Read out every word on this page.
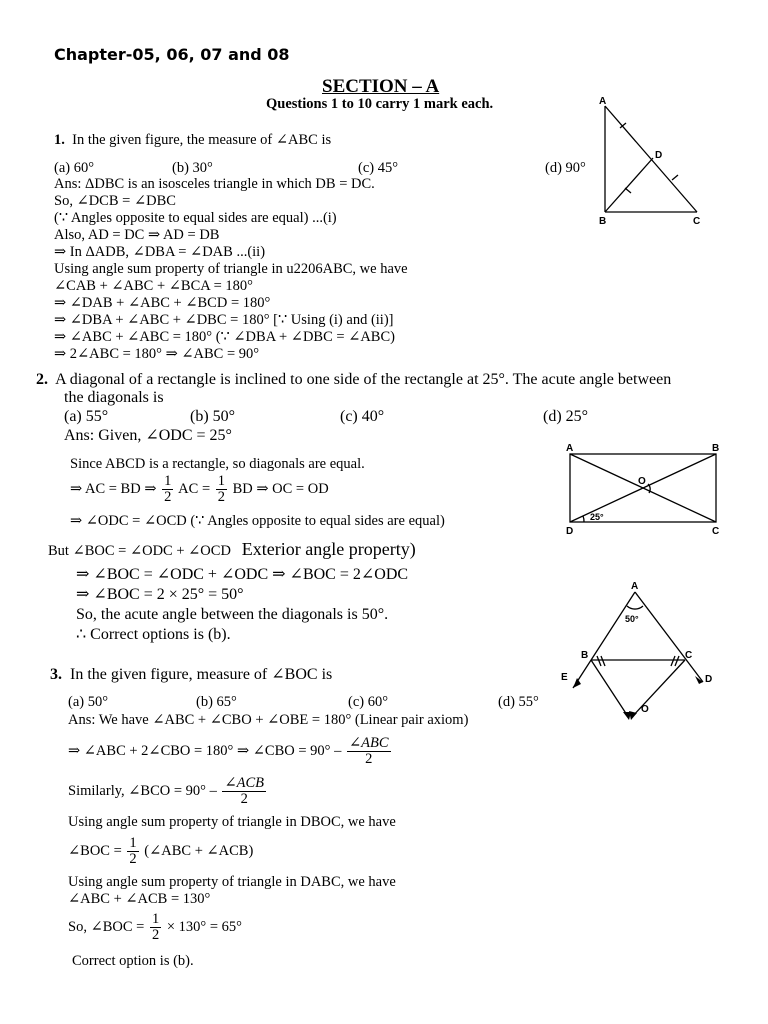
Chapter-05, 06, 07 and 08
SECTION – A
Questions 1 to 10 carry 1 mark each.
1. In the given figure, the measure of ∠ABC is
(a) 60°	(b) 30°	(c) 45°	(d) 90°
Ans: ΔDBC is an isosceles triangle in which DB = DC.
So, ∠DCB = ∠DBC
(∵ Angles opposite to equal sides are equal) ...(i)
Also, AD = DC ⇒ AD = DB
⇒ In ΔADB, ∠DBA = ∠DAB ...(ii)
Using angle sum property of triangle in u2206ABC, we have
∠CAB + ∠ABC + ∠BCA = 180°
⇒ ∠DAB + ∠ABC + ∠BCD = 180°
⇒ ∠DBA + ∠ABC + ∠DBC = 180° [∵ Using (i) and (ii)]
⇒ ∠ABC + ∠ABC = 180° (∵ ∠DBA + ∠DBC = ∠ABC)
⇒ 2∠ABC = 180° ⇒ ∠ABC = 90°
A
D
B	C
2. A diagonal of a rectangle is inclined to one side of the rectangle at 25°. The acute angle between
the diagonals is
(a) 55°	(b) 50°	(c) 40°	(d) 25°
Ans: Given, ∠ODC = 25°
Since ABCD is a rectangle, so diagonals are equal.
⇒ AC = BD ⇒ $\frac{1}{2}$ AC = $\frac{1}{2}$ BD ⇒ OC = OD
⇒ ∠ODC = ∠OCD (∵ Angles opposite to equal sides are equal)
But ∠BOC = ∠ODC + ∠OCD Exterior angle property)
⇒ ∠BOC = ∠ODC + ∠ODC ⇒ ∠BOC = 2∠ODC
⇒ ∠BOC = 2 × 25° = 50°
So, the acute angle between the diagonals is 50°.
∴ Correct options is (b).
A	B
D	C
O
25°
3. In the given figure, measure of ∠BOC is
(a) 50°	(b) 65°	(c) 60°	(d) 55°
Ans: We have ∠ABC + ∠CBO + ∠OBE = 180° (Linear pair axiom)
⇒ ∠ABC + 2∠CBO = 180° ⇒ ∠CBO = $90^\circ - \frac{\text{∠ABC}}{2}$
Similarly, ∠BCO = $90^\circ - \frac{\text{∠ACB}}{2}$
Using angle sum property of triangle in DBOC, we have
∠BOC = $\frac{1}{2}$ (∠ABC + ∠ACB)
Using angle sum property of triangle in DABC, we have
∠ABC + ∠ACB = 130°
So, ∠BOC = $\frac{1}{2} \times 130^\circ = 65^\circ$
Correct option is (b).
A
50°
B	C
E	D
O
